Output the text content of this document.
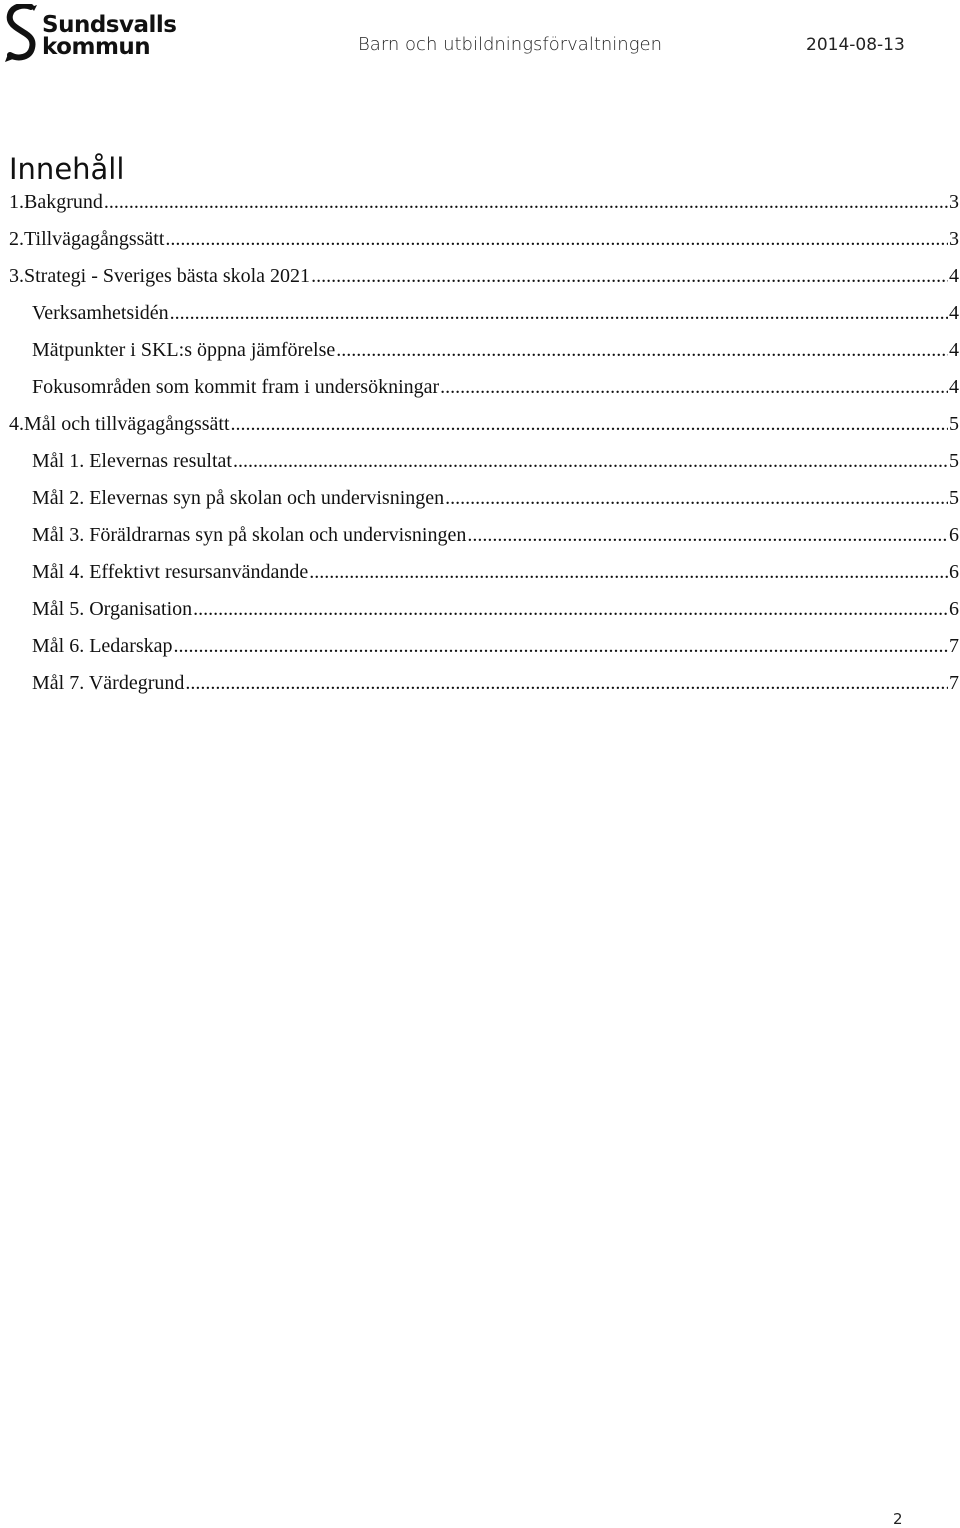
Sundsvalls
kommun	Barn och utbildningsförvaltningen	2014-08-13
Innehåll
1.Bakgrund .....	3
2.Tillvägagångssätt .....	3
3.Strategi - Sveriges bästa skola 2021 .....	4
Verksamhetsidén .....	4
Mätpunkter i SKL:s öppna jämförelse .....	4
Fokusområden som kommit fram i undersökningar .....	4
4.Mål och tillvägagångssätt .....	5
Mål 1. Elevernas resultat .....	5
Mål 2. Elevernas syn på skolan och undervisningen .....	5
Mål 3. Föräldrarnas syn på skolan och undervisningen .....	6
Mål 4. Effektivt resursanvändande .....	6
Mål 5. Organisation .....	6
Mål 6. Ledarskap .....	7
Mål 7. Värdegrund .....	7
2
